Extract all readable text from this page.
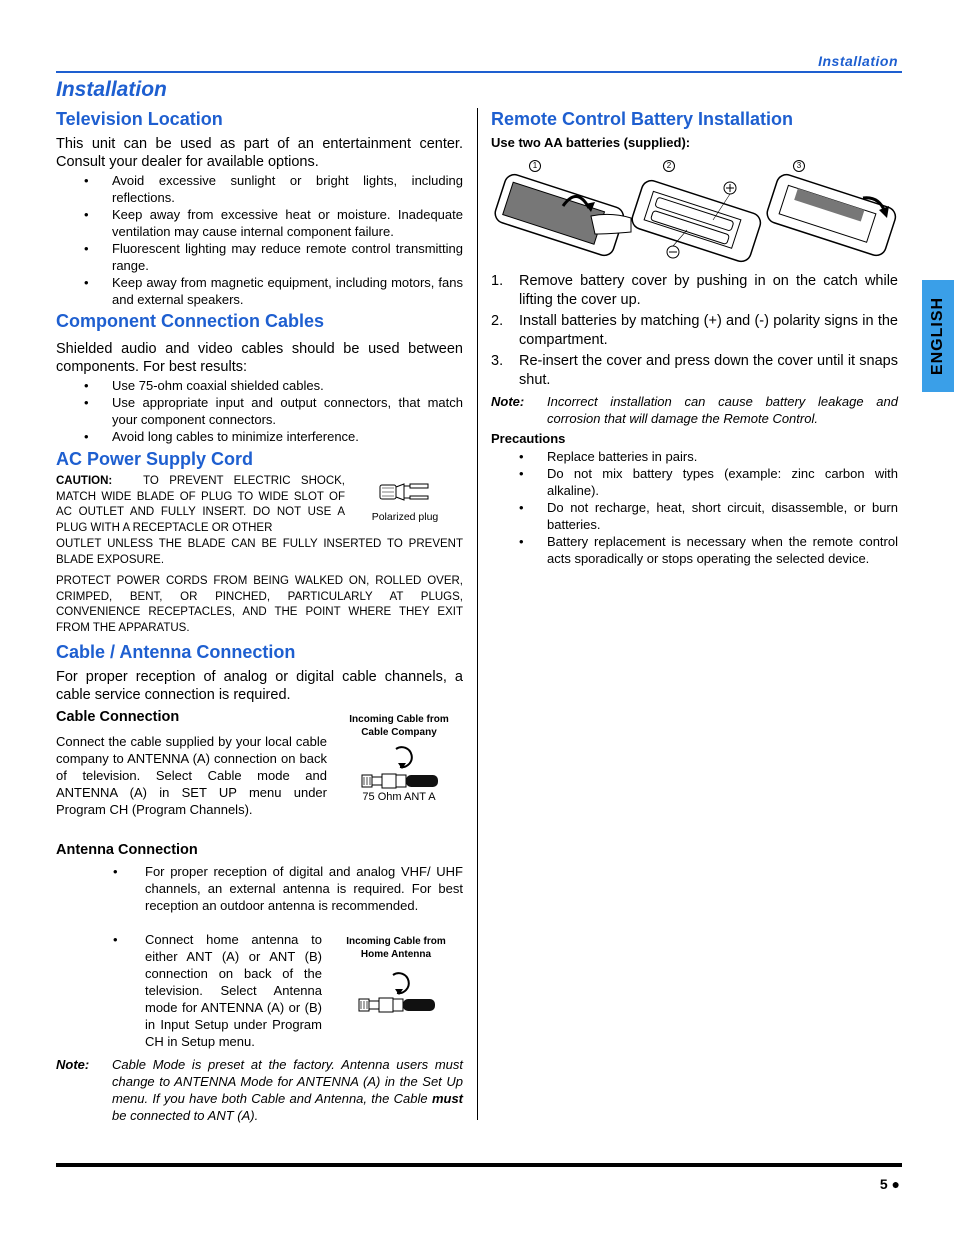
Installation
Installation
Television Location
This unit can be used as part of an entertainment center. Consult your dealer for available options.
• Avoid excessive sunlight or bright lights, including reflections.
• Keep away from excessive heat or moisture. Inadequate ventilation may cause internal component failure.
• Fluorescent lighting may reduce remote control transmitting range.
• Keep away from magnetic equipment, including motors, fans and external speakers.
Component Connection Cables
Shielded audio and video cables should be used between components. For best results:
• Use 75-ohm coaxial shielded cables.
• Use appropriate input and output connectors, that match your component connectors.
• Avoid long cables to minimize interference.
AC Power Supply Cord
CAUTION:	TO PREVENT ELECTRIC SHOCK, MATCH WIDE BLADE OF PLUG TO WIDE SLOT OF AC OUTLET AND FULLY INSERT. DO NOT USE A PLUG WITH A RECEPTACLE OR OTHER
Polarized plug
OUTLET UNLESS THE BLADE CAN BE FULLY INSERTED TO PREVENT BLADE EXPOSURE.
PROTECT POWER CORDS FROM BEING WALKED ON, ROLLED OVER, CRIMPED, BENT, OR PINCHED, PARTICULARLY AT PLUGS, CONVENIENCE RECEPTACLES, AND THE POINT WHERE THEY EXIT FROM THE APPARATUS.
Cable / Antenna Connection
For proper reception of analog or digital cable channels, a cable service connection is required.
Cable Connection
Connect the cable supplied by your local cable company to ANTENNA (A) connection on back of television. Select Cable mode and ANTENNA (A) in SET UP menu under Program CH (Program Channels).
Incoming Cable from Cable Company
75 Ohm ANT A
Antenna Connection
• For proper reception of digital and analog VHF/ UHF channels, an external antenna is required. For best reception an outdoor antenna is recommended.
• Connect home antenna to either ANT (A) or ANT (B) connection on back of the television. Select Antenna mode for ANTENNA (A) or (B) in Input Setup under Program CH in Setup menu.
Incoming Cable from Home Antenna
Note: Cable Mode is preset at the factory. Antenna users must change to ANTENNA Mode for ANTENNA (A) in the Set Up menu. If you have both Cable and Antenna, the Cable must be connected to ANT (A).
Remote Control Battery Installation
Use two AA batteries (supplied):
1	2	3
1. Remove battery cover by pushing in on the catch while lifting the cover up.
2. Install batteries by matching (+) and (-) polarity signs in the compartment.
3. Re-insert the cover and press down the cover until it snaps shut.
Note: Incorrect installation can cause battery leakage and corrosion that will damage the Remote Control.
Precautions
• Replace batteries in pairs.
• Do not mix battery types (example: zinc carbon with alkaline).
• Do not recharge, heat, short circuit, disassemble, or burn batteries.
• Battery replacement is necessary when the remote control acts sporadically or stops operating the selected device.
ENGLISH
5 ●
